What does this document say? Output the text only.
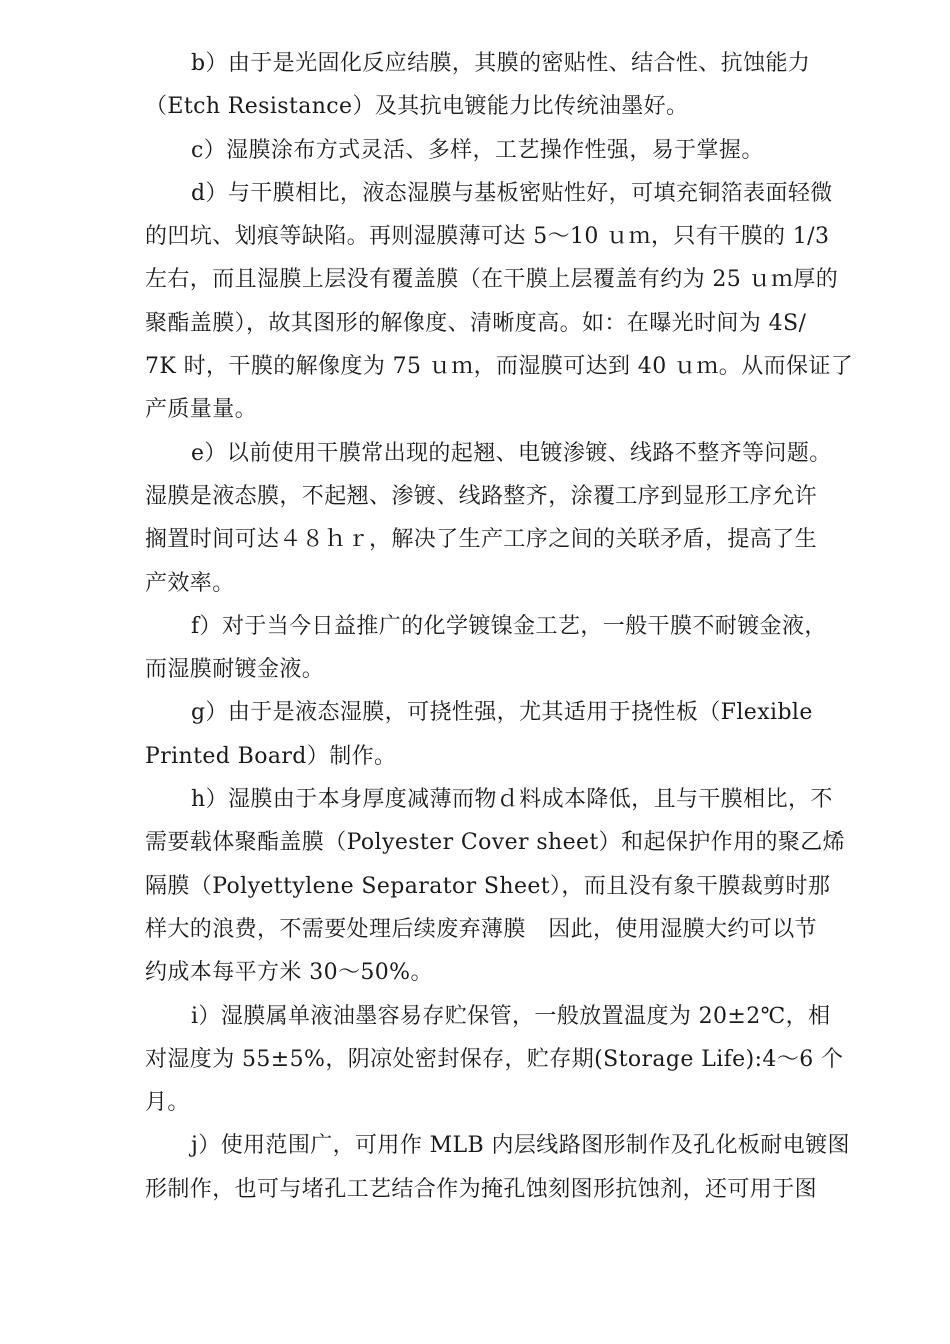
b）由于是光固化反应结膜，其膜的密贴性、结合性、抗蚀能力
（Etch Resistance）及其抗电镀能力比传统油墨好。

c）湿膜涂布方式灵活、多样，工艺操作性强，易于掌握。

d）与干膜相比，液态湿膜与基板密贴性好，可填充铜箔表面轻微
的凹坑、划痕等缺陷。再则湿膜薄可达 5～10 ｕｍ，只有干膜的 1/3
左右，而且湿膜上层没有覆盖膜（在干膜上层覆盖有约为 25 ｕｍ厚的
聚酯盖膜），故其图形的解像度、清晰度高。如：在曝光时间为 4S/
7K 时，干膜的解像度为 75 ｕｍ，而湿膜可达到 40 ｕｍ。从而保证了
产质量量。

e）以前使用干膜常出现的起翘、电镀渗镀、线路不整齐等问题。
湿膜是液态膜，不起翘、渗镀、线路整齐，涂覆工序到显形工序允许
搁置时间可达４８ｈｒ，解决了生产工序之间的关联矛盾，提高了生
产效率。

f）对于当今日益推广的化学镀镍金工艺，一般干膜不耐镀金液，
而湿膜耐镀金液。

g）由于是液态湿膜，可挠性强，尤其适用于挠性板（Flexible
Printed Board）制作。

h）湿膜由于本身厚度减薄而物ｄ料成本降低，且与干膜相比，不
需要载体聚酯盖膜（Polyester Cover sheet）和起保护作用的聚乙烯
隔膜（Polyettylene Separator Sheet），而且没有象干膜裁剪时那
样大的浪费，不需要处理后续废弃薄膜　因此，使用湿膜大约可以节
约成本每平方米 30～50%。

i）湿膜属单液油墨容易存贮保管，一般放置温度为 20±2℃，相
对湿度为 55±5%，阴凉处密封保存，贮存期(Storage Life):4～6 个
月。

j）使用范围广，可用作 MLB 内层线路图形制作及孔化板耐电镀图
形制作，也可与堵孔工艺结合作为掩孔蚀刻图形抗蚀剂，还可用于图
